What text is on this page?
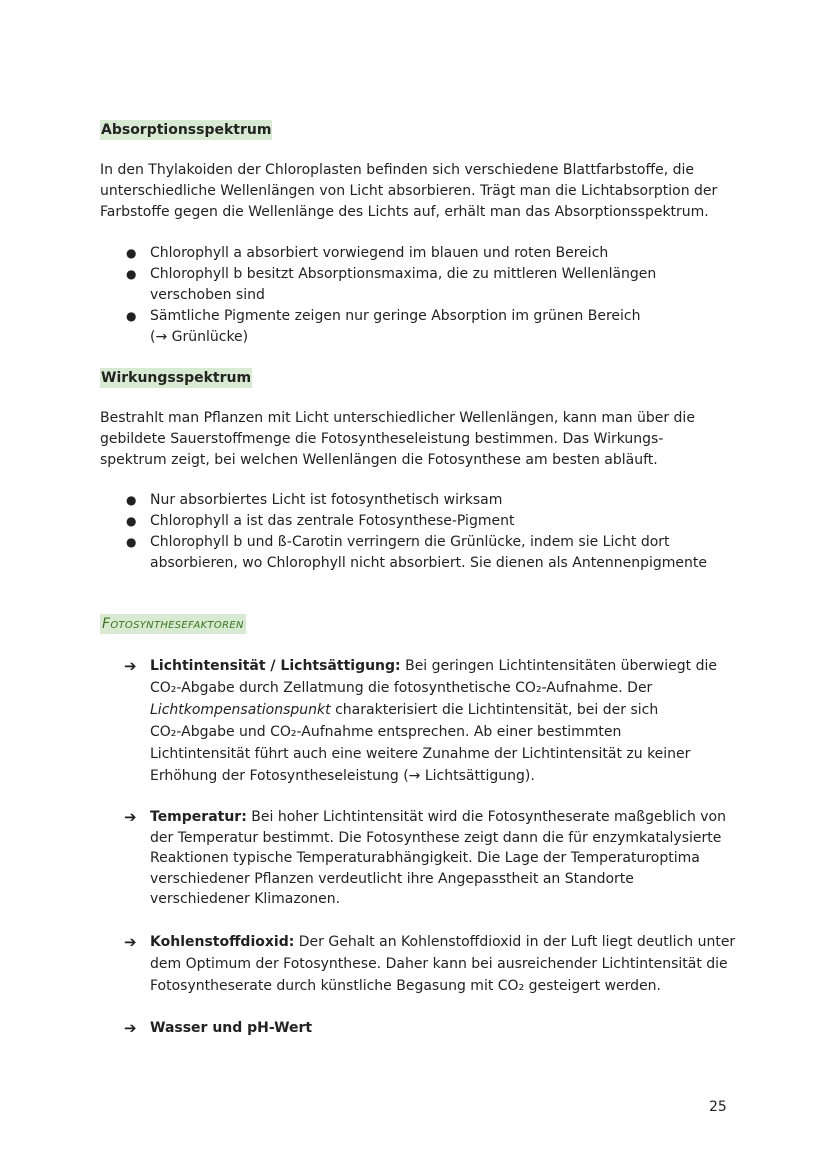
Absorptionsspektrum

In den Thylakoiden der Chloroplasten befinden sich verschiedene Blattfarbstoffe, die
unterschiedliche Wellenlängen von Licht absorbieren. Trägt man die Lichtabsorption der
Farbstoffe gegen die Wellenlänge des Lichts auf, erhält man das Absorptionsspektrum.

● Chlorophyll a absorbiert vorwiegend im blauen und roten Bereich
● Chlorophyll b besitzt Absorptionsmaxima, die zu mittleren Wellenlängen
verschoben sind
● Sämtliche Pigmente zeigen nur geringe Absorption im grünen Bereich
(→ Grünlücke)
Wirkungsspektrum

Bestrahlt man Pflanzen mit Licht unterschiedlicher Wellenlängen, kann man über die
gebildete Sauerstoffmenge die Fotosyntheseleistung bestimmen. Das Wirkungs-
spektrum zeigt, bei welchen Wellenlängen die Fotosynthese am besten abläuft.

● Nur absorbiertes Licht ist fotosynthetisch wirksam
● Chlorophyll a ist das zentrale Fotosynthese-Pigment
● Chlorophyll b und ß-Carotin verringern die Grünlücke, indem sie Licht dort
absorbieren, wo Chlorophyll nicht absorbiert. Sie dienen als Antennenpigmente
Fotosynthesefaktoren
➔ Lichtintensität / Lichtsättigung: Bei geringen Lichtintensitäten überwiegt die
CO₂-Abgabe durch Zellatmung die fotosynthetische CO₂-Aufnahme. Der
Lichtkompensationspunkt charakterisiert die Lichtintensität, bei der sich
CO₂-Abgabe und CO₂-Aufnahme entsprechen. Ab einer bestimmten
Lichtintensität führt auch eine weitere Zunahme der Lichtintensität zu keiner
Erhöhung der Fotosyntheseleistung (→ Lichtsättigung).
➔ Temperatur: Bei hoher Lichtintensität wird die Fotosyntheserate maßgeblich von
der Temperatur bestimmt. Die Fotosynthese zeigt dann die für enzymkatalysierte
Reaktionen typische Temperaturabhängigkeit. Die Lage der Temperaturoptima
verschiedener Pflanzen verdeutlicht ihre Angepasstheit an Standorte
verschiedener Klimazonen.
➔ Kohlenstoffdioxid: Der Gehalt an Kohlenstoffdioxid in der Luft liegt deutlich unter
dem Optimum der Fotosynthese. Daher kann bei ausreichender Lichtintensität die
Fotosyntheserate durch künstliche Begasung mit CO₂ gesteigert werden.
➔ Wasser und pH-Wert
25
